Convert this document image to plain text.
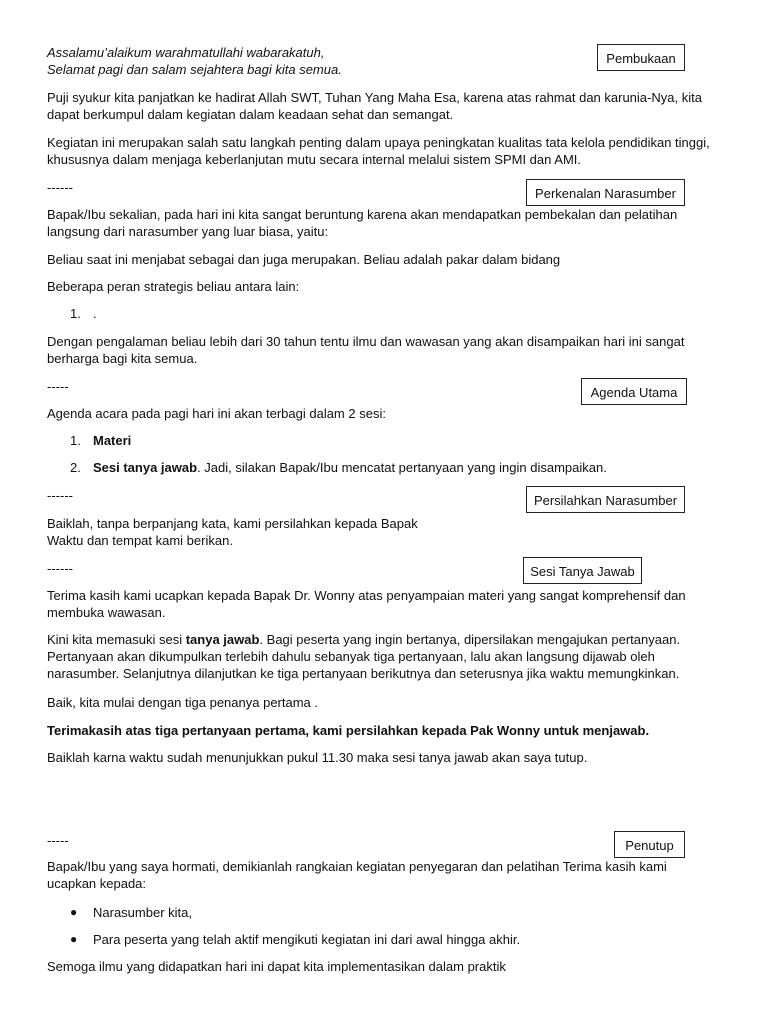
Assalamu’alaikum warahmatullahi wabarakatuh,
Selamat pagi dan salam sejahtera bagi kita semua.
Pembukaan
Puji syukur kita panjatkan ke hadirat Allah SWT, Tuhan Yang Maha Esa, karena atas rahmat dan karunia-Nya, kita dapat berkumpul dalam kegiatan dalam keadaan sehat dan semangat.
Kegiatan ini merupakan salah satu langkah penting dalam upaya peningkatan kualitas tata kelola pendidikan tinggi, khususnya dalam menjaga keberlanjutan mutu secara internal melalui sistem SPMI dan AMI.
------	Perkenalan Narasumber
Bapak/Ibu sekalian, pada hari ini kita sangat beruntung karena akan mendapatkan pembekalan dan pelatihan langsung dari narasumber yang luar biasa, yaitu:
Beliau saat ini menjabat sebagai dan juga merupakan. Beliau adalah pakar dalam bidang
Beberapa peran strategis beliau antara lain:
1. .
Dengan pengalaman beliau lebih dari 30 tahun tentu ilmu dan wawasan yang akan disampaikan hari ini sangat berharga bagi kita semua.
-----	Agenda Utama
Agenda acara pada pagi hari ini akan terbagi dalam 2 sesi:
1. Materi
2. Sesi tanya jawab. Jadi, silakan Bapak/Ibu mencatat pertanyaan yang ingin disampaikan.
------	Persilahkan Narasumber
Baiklah, tanpa berpanjang kata, kami persilahkan kepada Bapak
Waktu dan tempat kami berikan.
------	Sesi Tanya Jawab
Terima kasih kami ucapkan kepada Bapak Dr. Wonny atas penyampaian materi yang sangat komprehensif dan membuka wawasan.
Kini kita memasuki sesi tanya jawab. Bagi peserta yang ingin bertanya, dipersilakan mengajukan pertanyaan. Pertanyaan akan dikumpulkan terlebih dahulu sebanyak tiga pertanyaan, lalu akan langsung dijawab oleh narasumber. Selanjutnya dilanjutkan ke tiga pertanyaan berikutnya dan seterusnya jika waktu memungkinkan.
Baik, kita mulai dengan tiga penanya pertama .
Terimakasih atas tiga pertanyaan pertama, kami persilahkan kepada Pak Wonny untuk menjawab.
Baiklah karna waktu sudah menunjukkan pukul 11.30 maka sesi tanya jawab akan saya tutup.
-----	Penutup
Bapak/Ibu yang saya hormati, demikianlah rangkaian kegiatan penyegaran dan pelatihan Terima kasih kami ucapkan kepada:
● Narasumber kita,
● Para peserta yang telah aktif mengikuti kegiatan ini dari awal hingga akhir.
Semoga ilmu yang didapatkan hari ini dapat kita implementasikan dalam praktik
